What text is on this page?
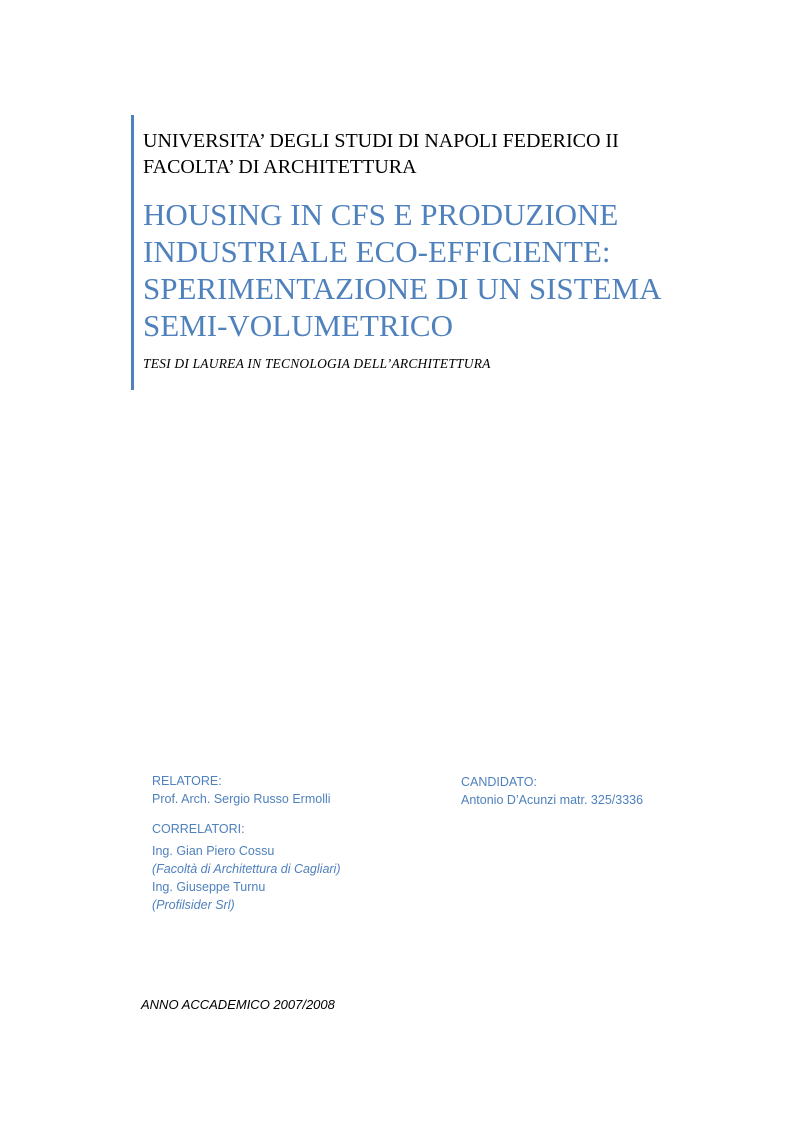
UNIVERSITA’ DEGLI STUDI DI NAPOLI FEDERICO II

FACOLTA’ DI ARCHITETTURA

HOUSING IN CFS E PRODUZIONE
INDUSTRIALE ECO-EFFICIENTE:
SPERIMENTAZIONE DI UN SISTEMA
SEMI-VOLUMETRICO

TESI DI LAUREA IN TECNOLOGIA DELL’ARCHITETTURA

RELATORE:
Prof. Arch. Sergio Russo Ermolli
CORRELATORI:
Ing. Gian Piero Cossu
(Facoltà di Architettura di Cagliari)
Ing. Giuseppe Turnu
(Profilsider Srl)
CANDIDATO:
Antonio D’Acunzi matr. 325/3336
ANNO ACCADEMICO 2007/2008
